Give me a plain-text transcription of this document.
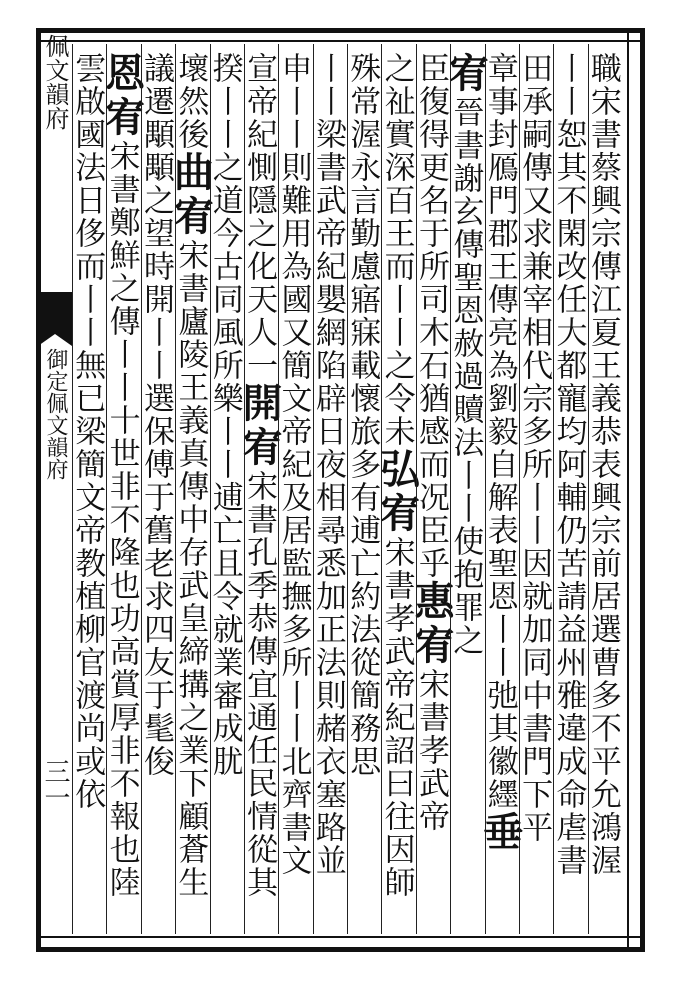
佩文韻府
御定佩文韻府
三一	職宋書蔡興宗傳江夏王義恭表興宗前居選曹多不平允鴻渥
丨丨恕其不閑改任大都寵均阿輔仍苦請益州雅違成命虐書
田承嗣傳又求兼宰相代宗多所丨丨因就加同中書門下平
章事封鴈門郡王傳亮為劉毅自解表聖恩丨丨弛其徽纆垂
宥晉書謝玄傳聖恩赦過贖法丨丨使抱罪之
臣復得更名于所司木石猶感而况臣乎惠宥宋書孝武帝
之祉實深百王而丨丨之令未弘宥宋書孝武帝紀詔曰往因師
殊常渥永言勤慮寤寐載懷旅多有逋亡約法從簡務思
丨丨梁書武帝紀嬰網陷辟日夜相尋悉加正法則赭衣塞路並
申丨丨則難用為國又簡文帝紀及居監撫多所丨丨北齊書文
宣帝紀惻隱之化天人一開宥宋書孔季恭傳宜通任民情從其
揆丨丨之道今古同風所樂丨丨逋亡且令就業審成肬
壞然後曲宥宋書廬陵王義真傳中存武皇締搆之業下顧蒼生
議遷顒顒之望時開丨丨選保傅于舊老求四友于髦俊
恩宥宋書鄭鮮之傳丨丨十世非不隆也功高賞厚非不報也陸
雲啟國法日侈而丨丨無已梁簡文帝教植柳官渡尚或依
